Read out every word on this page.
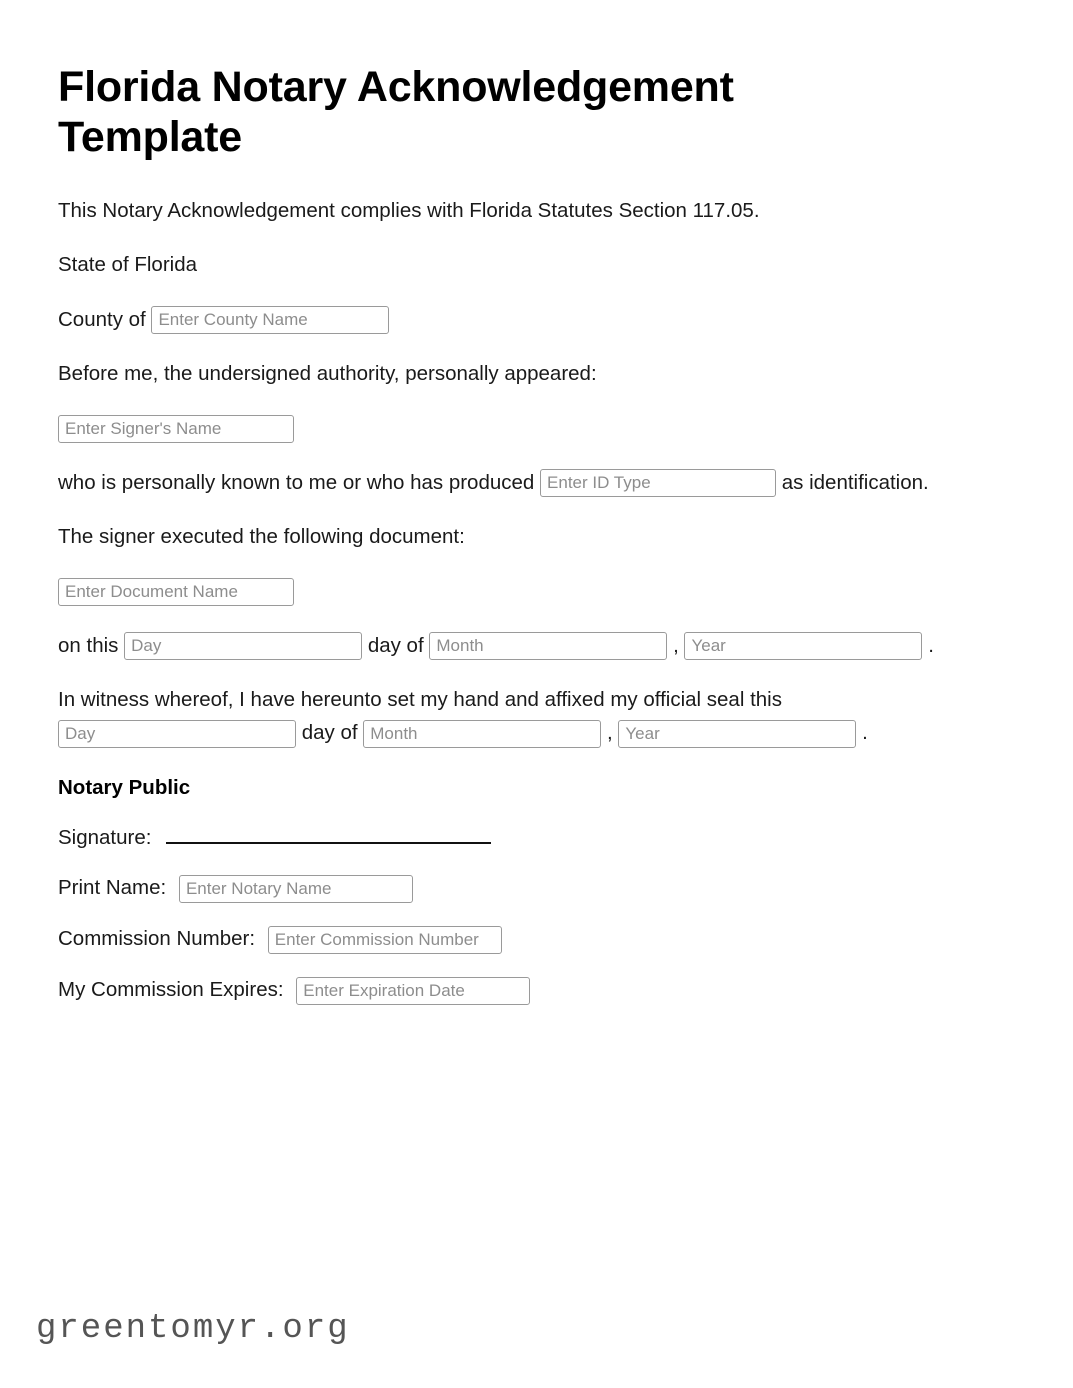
Florida Notary Acknowledgement Template

This Notary Acknowledgement complies with Florida Statutes Section 117.05.

State of Florida

County of Enter County Name

Before me, the undersigned authority, personally appeared:

Enter Signer's Name
who is personally known to me or who has produced Enter ID Type	as identification.

The signer executed the following document:

Enter Document Name
on this Day	day of Month	, Year	.
In witness whereof, I have hereunto set my hand and affixed my official seal this
Day day of Month	, Year	.
Notary Public
Signature:
Print Name: Enter Notary Name
Commission Number: Enter Commission Number
My Commission Expires: Enter Expiration Date
greentomyr.org
